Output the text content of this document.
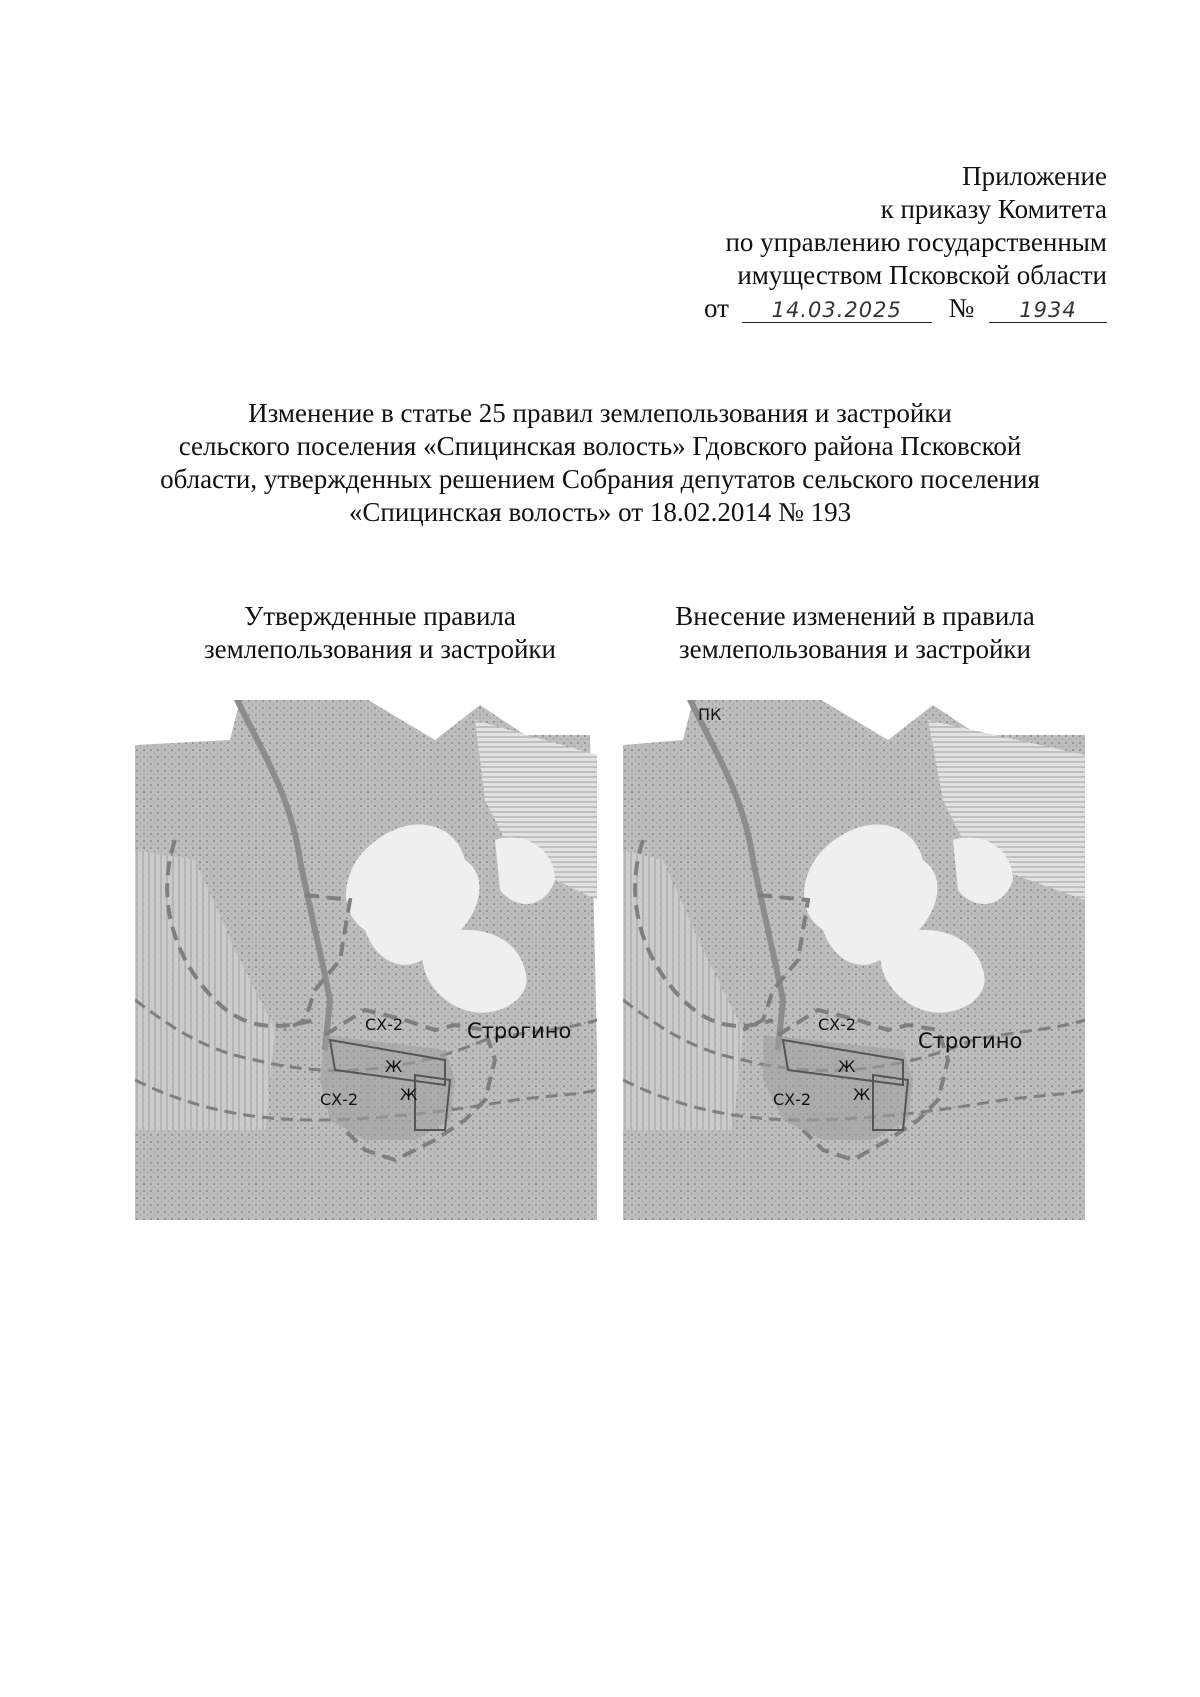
Приложение
к приказу Комитета
по управлению государственным
имуществом Псковской области
от 14.03.2025 № 1934
Изменение в статье 25 правил землепользования и застройки
сельского поселения «Спицинская волость» Гдовского района Псковской
области, утвержденных решением Собрания депутатов сельского поселения
«Спицинская волость» от 18.02.2014 № 193
Утвержденные правила
землепользования и застройки
Внесение изменений в правила
землепользования и застройки
СХ-2
СХ-2
Ж
Ж
Строгино
ПК
СХ-2
СХ-2
Ж
Ж
Строгино
